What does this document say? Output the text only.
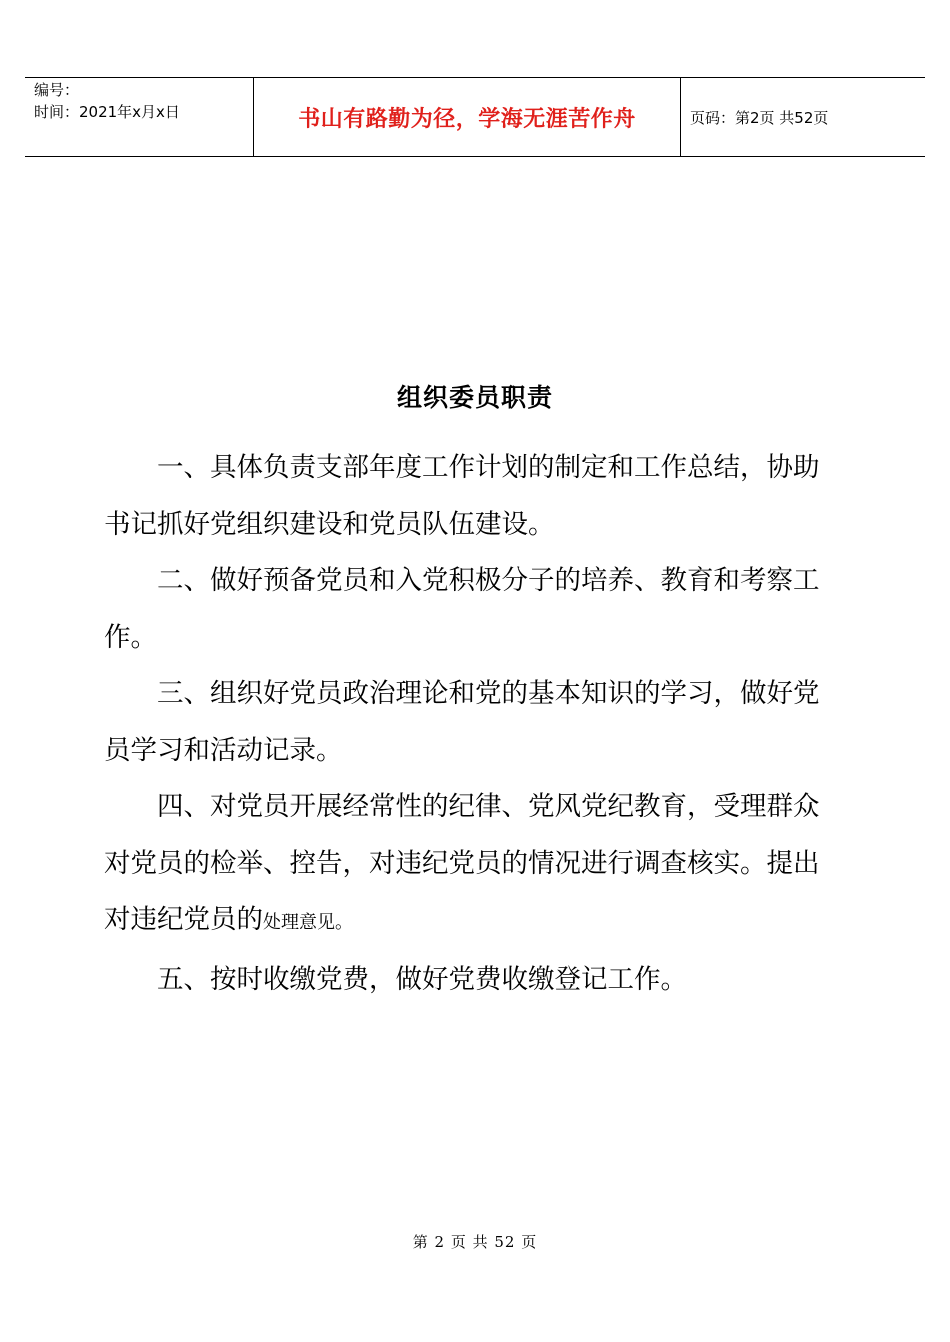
编号：
时间：2021年x月x日	书山有路勤为径，学海无涯苦作舟	页码：第2页 共52页
组织委员职责

一、具体负责支部年度工作计划的制定和工作总结，协助书记抓好党组织建设和党员队伍建设。

二、做好预备党员和入党积极分子的培养、教育和考察工作。

三、组织好党员政治理论和党的基本知识的学习，做好党员学习和活动记录。

四、对党员开展经常性的纪律、党风党纪教育，受理群众对党员的检举、控告，对违纪党员的情况进行调查核实。提出对违纪党员的处理意见。

五、按时收缴党费，做好党费收缴登记工作。

第 2 页 共 52 页
